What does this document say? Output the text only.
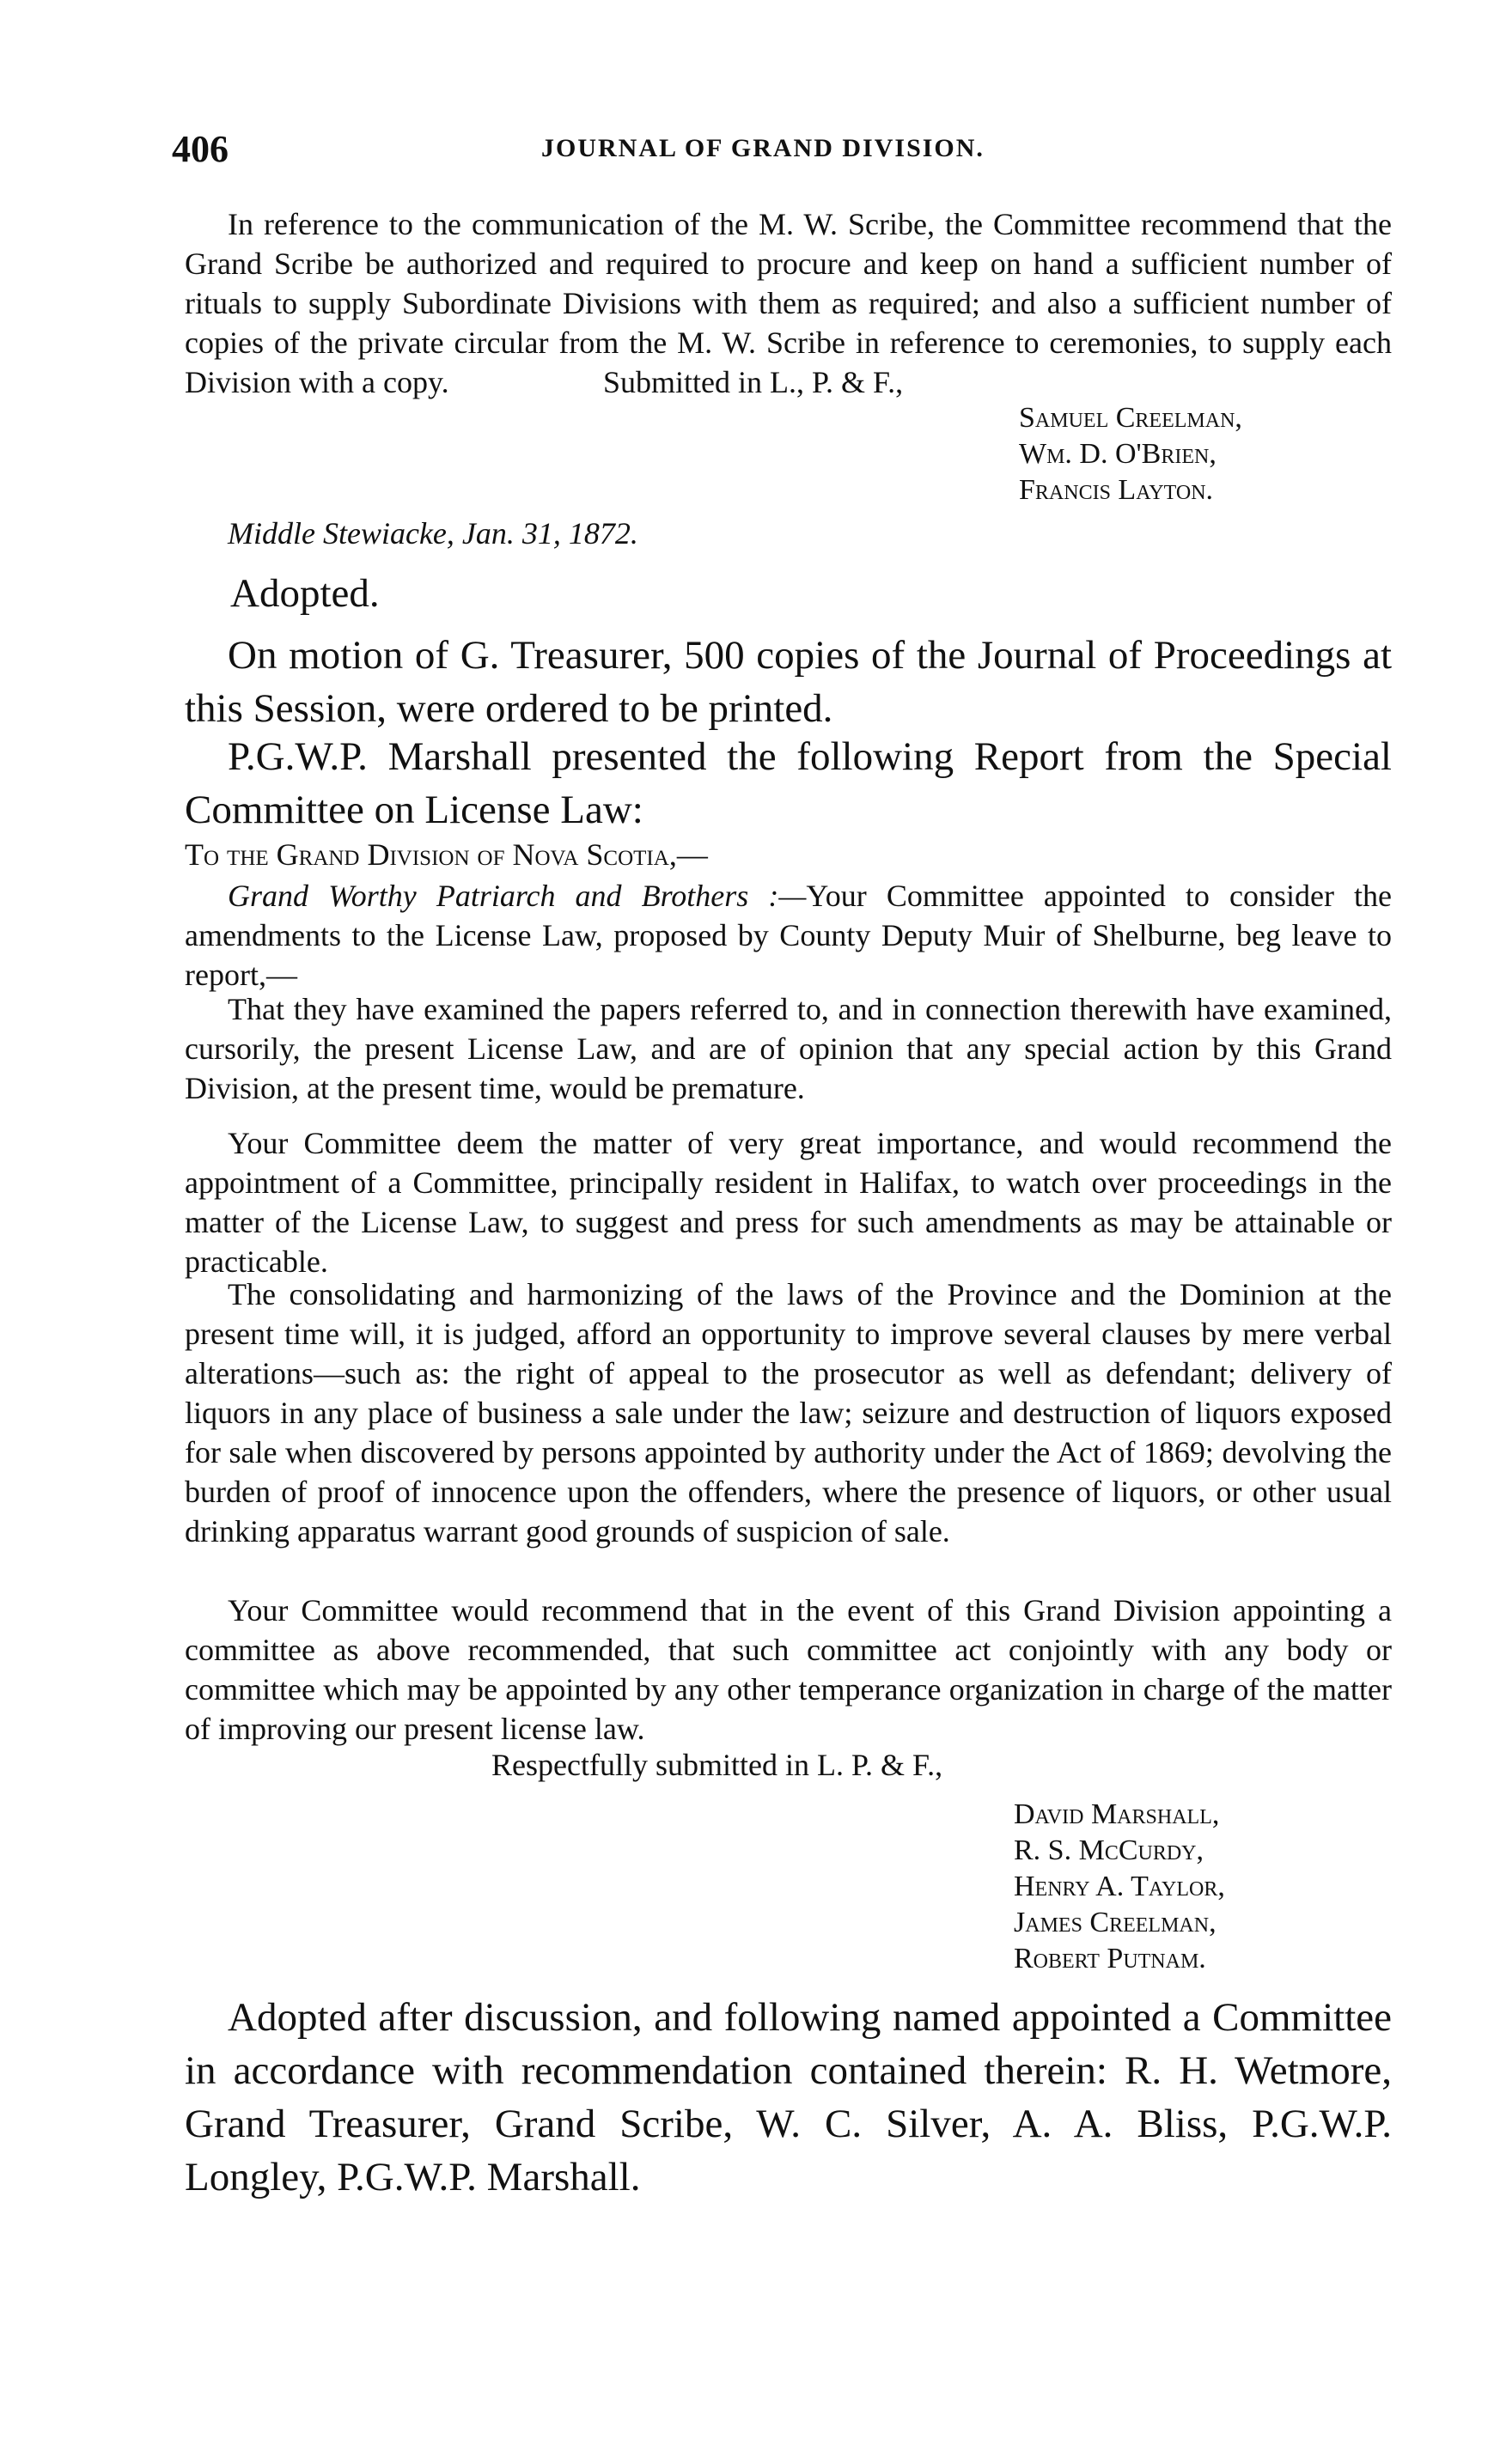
406	JOURNAL OF GRAND DIVISION.
In reference to the communication of the M. W. Scribe, the Committee recommend that the Grand Scribe be authorized and required to procure and keep on hand a sufficient number of rituals to supply Subordinate Divisions with them as required; and also a sufficient number of copies of the private circular from the M. W. Scribe in reference to ceremonies, to supply each Division with a copy.	Submitted in L., P. & F.,
Samuel Creelman,
Wm. D. O'Brien,
Francis Layton.
Middle Stewiacke, Jan. 31, 1872.
Adopted.
On motion of G. Treasurer, 500 copies of the Journal of Proceedings at this Session, were ordered to be printed.
P.G.W.P. Marshall presented the following Report from the Special Committee on License Law:
To the Grand Division of Nova Scotia,—
Grand Worthy Patriarch and Brothers :—Your Committee appointed to consider the amendments to the License Law, proposed by County Deputy Muir of Shelburne, beg leave to report,—
That they have examined the papers referred to, and in connection therewith have examined, cursorily, the present License Law, and are of opinion that any special action by this Grand Division, at the present time, would be premature.
Your Committee deem the matter of very great importance, and would recommend the appointment of a Committee, principally resident in Halifax, to watch over proceedings in the matter of the License Law, to suggest and press for such amendments as may be attainable or practicable.
The consolidating and harmonizing of the laws of the Province and the Dominion at the present time will, it is judged, afford an opportunity to improve several clauses by mere verbal alterations—such as: the right of appeal to the prosecutor as well as defendant; delivery of liquors in any place of business a sale under the law; seizure and destruction of liquors exposed for sale when discovered by persons appointed by authority under the Act of 1869; devolving the burden of proof of innocence upon the offenders, where the presence of liquors, or other usual drinking apparatus warrant good grounds of suspicion of sale.
Your Committee would recommend that in the event of this Grand Division appointing a committee as above recommended, that such committee act conjointly with any body or committee which may be appointed by any other temperance organization in charge of the matter of improving our present license law.
Respectfully submitted in L. P. & F.,
David Marshall,
R. S. McCurdy,
Henry A. Taylor,
James Creelman,
Robert Putnam.
Adopted after discussion, and following named appointed a Committee in accordance with recommendation contained therein: R. H. Wetmore, Grand Treasurer, Grand Scribe, W. C. Silver, A. A. Bliss, P.G.W.P. Longley, P.G.W.P. Marshall.
